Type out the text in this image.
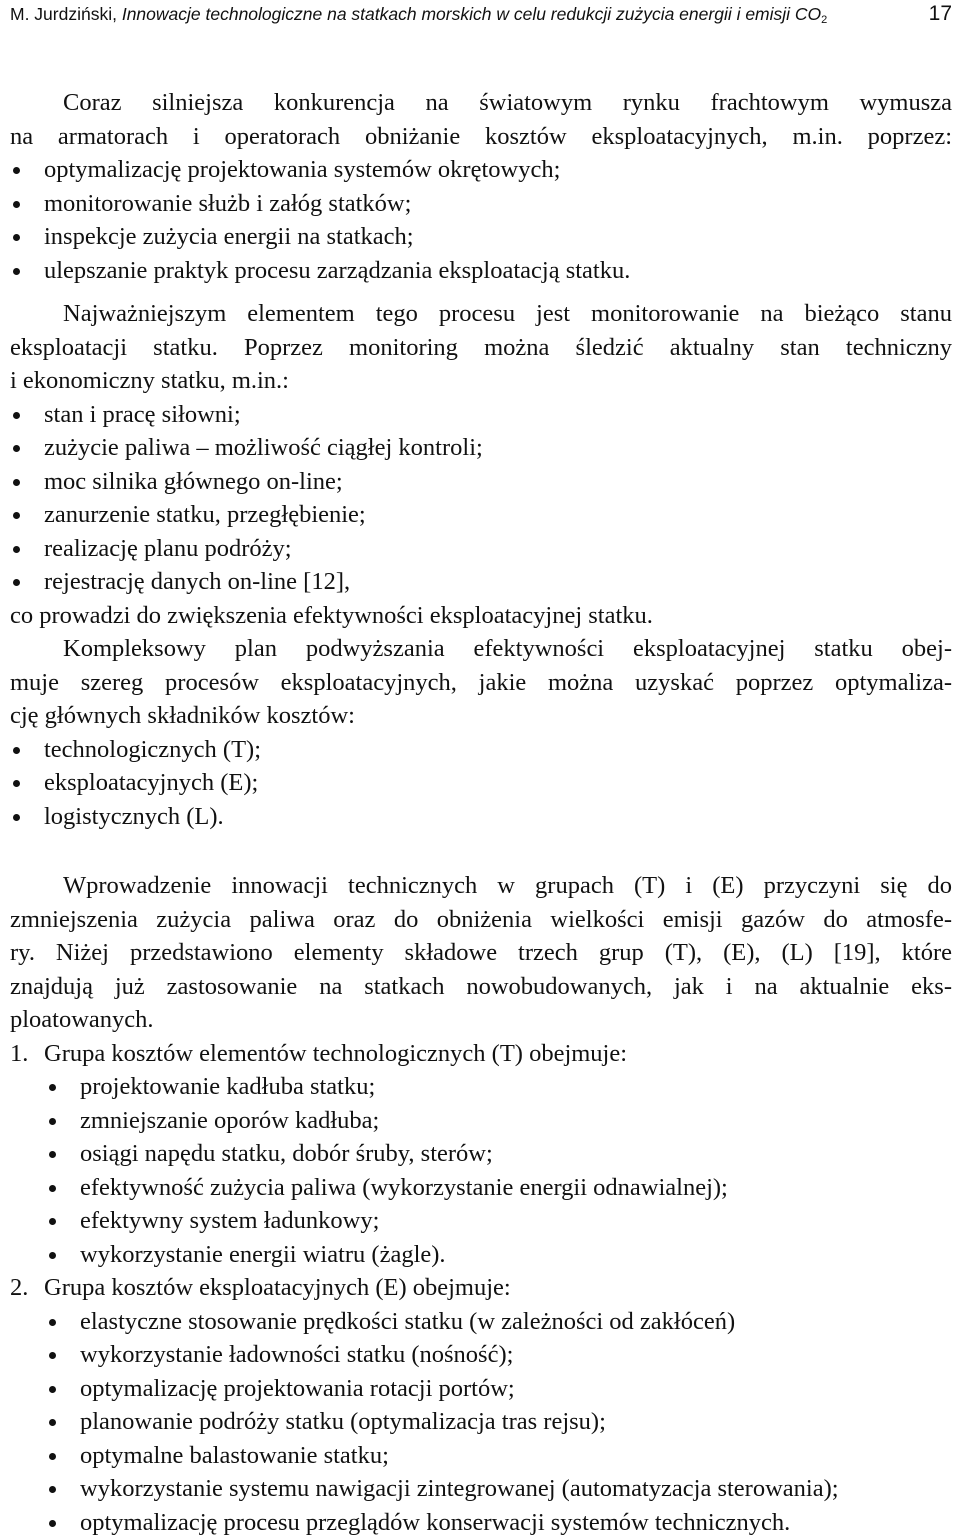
M. Jurdziński, Innowacje technologiczne na statkach morskich w celu redukcji zużycia energii i emisji $CO_2$	17
Coraz silniejsza konkurencja na światowym rynku frachtowym wymusza
na armatorach i operatorach obniżanie kosztów eksploatacyjnych, m.in. poprzez:
optymalizację projektowania systemów okrętowych;
monitorowanie służb i załóg statków;
inspekcje zużycia energii na statkach;
ulepszanie praktyk procesu zarządzania eksploatacją statku.
Najważniejszym elementem tego procesu jest monitorowanie na bieżąco stanu
eksploatacji statku. Poprzez monitoring można śledzić aktualny stan techniczny
i ekonomiczny statku, m.in.:
stan i pracę siłowni;
zużycie paliwa – możliwość ciągłej kontroli;
moc silnika głównego on-line;
zanurzenie statku, przegłębienie;
realizację planu podróży;
rejestrację danych on-line [12],
co prowadzi do zwiększenia efektywności eksploatacyjnej statku.
Kompleksowy plan podwyższania efektywności eksploatacyjnej statku obej-
muje szereg procesów eksploatacyjnych, jakie można uzyskać poprzez optymaliza-
cję głównych składników kosztów:
technologicznych (T);
eksploatacyjnych (E);
logistycznych (L).
Wprowadzenie innowacji technicznych w grupach (T) i (E) przyczyni się do
zmniejszenia zużycia paliwa oraz do obniżenia wielkości emisji gazów do atmosfe-
ry. Niżej przedstawiono elementy składowe trzech grup (T), (E), (L) [19], które
znajdują już zastosowanie na statkach nowobudowanych, jak i na aktualnie eks-
ploatowanych.
1. Grupa kosztów elementów technologicznych (T) obejmuje:
projektowanie kadłuba statku;
zmniejszanie oporów kadłuba;
osiągi napędu statku, dobór śruby, sterów;
efektywność zużycia paliwa (wykorzystanie energii odnawialnej);
efektywny system ładunkowy;
wykorzystanie energii wiatru (żagle).
2. Grupa kosztów eksploatacyjnych (E) obejmuje:
elastyczne stosowanie prędkości statku (w zależności od zakłóceń)
wykorzystanie ładowności statku (nośność);
optymalizację projektowania rotacji portów;
planowanie podróży statku (optymalizacja tras rejsu);
optymalne balastowanie statku;
wykorzystanie systemu nawigacji zintegrowanej (automatyzacja sterowania);
optymalizację procesu przeglądów konserwacji systemów technicznych.
